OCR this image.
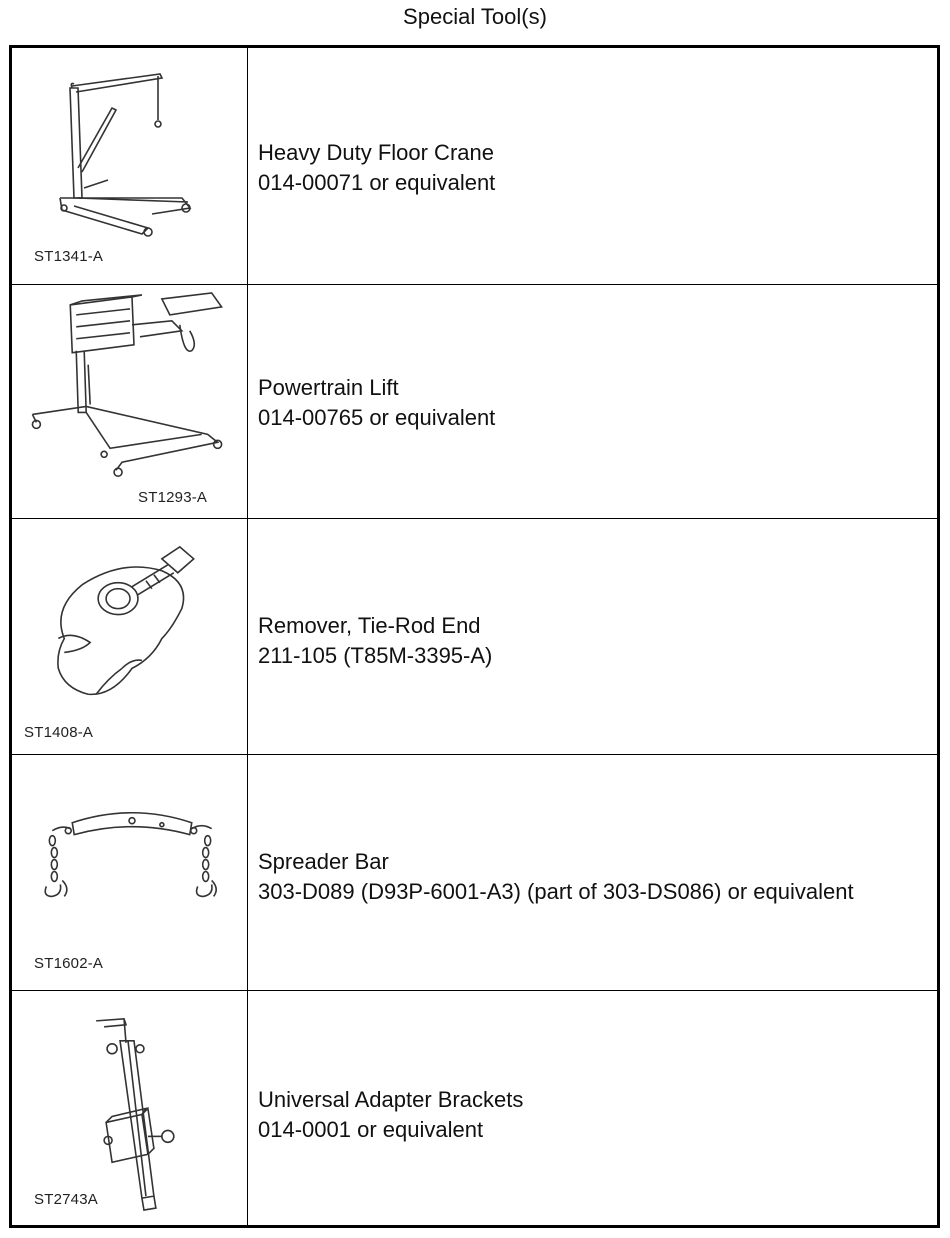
Special Tool(s)
ST1341-A
Heavy Duty Floor Crane
014-00071 or equivalent
ST1293-A
Powertrain Lift
014-00765 or equivalent
ST1408-A
Remover, Tie-Rod End
211-105 (T85M-3395-A)
ST1602-A
Spreader Bar
303-D089 (D93P-6001-A3) (part of 303-DS086) or equivalent
ST2743A
Universal Adapter Brackets
014-0001 or equivalent
